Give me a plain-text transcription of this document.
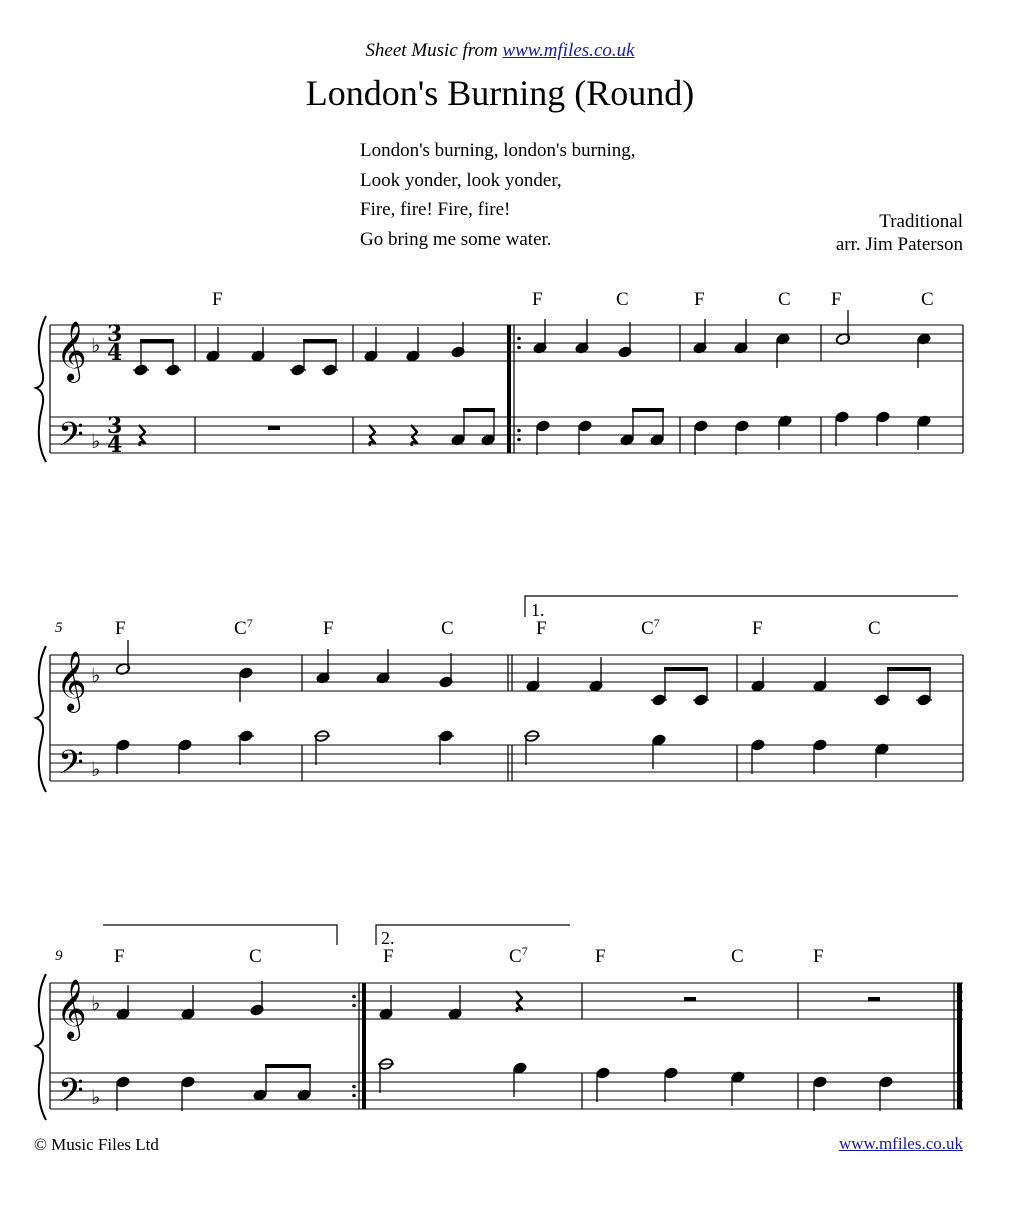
Sheet Music from www.mfiles.co.uk
London's Burning (Round)
London's burning, london's burning,
Look yonder, look yonder,
Fire, fire! Fire, fire!
Go bring me some water.
Traditional
arr. Jim Paterson
𝄞
𝄢
♭
♭
3
4
3
4
F	F	C	F	C F	C
5
𝄞
𝄢
♭
♭
1.
F	$C^7$	F	C	F	$C^7$	F	C
9
𝄞
𝄢
♭
♭
2.
F	C	F	$C^7$	F	C	F
© Music Files Ltd	www.mfiles.co.uk
